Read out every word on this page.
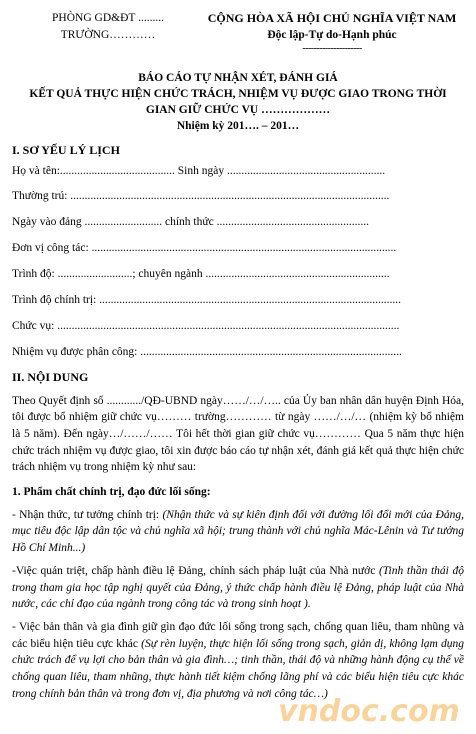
PHÒNG GD&ĐT .........
TRƯỜNG…………
CỘNG HÒA XÃ HỘI CHỦ NGHĨA VIỆT NAM
Độc lập-Tự do-Hạnh phúc
---------------------
BÁO CÁO TỰ NHẬN XÉT, ĐÁNH GIÁ
KẾT QUẢ THỰC HIỆN CHỨC TRÁCH, NHIỆM VỤ ĐƯỢC GIAO TRONG THỜI
GIAN GIỮ CHỨC VỤ ………………
Nhiệm kỳ 201…. – 201…
I. SƠ YẾU LÝ LỊCH
Họ và tên:........................................ Sinh ngày .......................................................
Thường trú: ...............................................................................................................
Ngày vào đảng ........................... chính thức .....................................................
Đơn vị công tác: ..........................................................................................................
Trình độ: ..........................; chuyên ngành ................................................................
Trình độ chính trị: .........................................................................................................
Chức vụ: .......................................................................................................................
Nhiệm vụ được phân công: ...........................................................................................
II. NỘI DUNG

Theo Quyết định số ............/QĐ-UBND ngày……/…/….. của Ủy ban nhân dân huyện Định Hóa, tôi được bổ nhiệm giữ chức vụ……… trường………… từ ngày ……/…/… (nhiệm kỳ bổ nhiệm là 5 năm). Đến ngày…/……/…… Tôi hết thời gian giữ chức vụ………… Qua 5 năm thực hiện chức trách nhiệm vụ được giao, tôi xin được báo cáo tự nhận xét, đánh giá kết quả thực hiện chức trách nhiệm vụ trong nhiệm kỳ như sau:

1. Phẩm chất chính trị, đạo đức lối sống:

- Nhận thức, tư tưởng chính trị: (Nhận thức và sự kiên định đối với đường lối đổi mới của Đảng, mục tiêu độc lập dân tộc và chủ nghĩa xã hội; trung thành với chủ nghĩa Mác-Lênin và Tư tưởng Hồ Chí Minh...)

-Việc quán triệt, chấp hành điều lệ Đảng, chính sách pháp luật của Nhà nước (Tinh thần thái độ trong tham gia học tập nghị quyết của Đảng, ý thức chấp hành điều lệ Đảng, pháp luật của Nhà nước, các chỉ đạo của ngành trong công tác và trong sinh hoạt ).

- Việc bản thân và gia đình giữ gìn đạo đức lối sống trong sạch, chống quan liêu, tham nhũng và các biểu hiện tiêu cực khác (Sự rèn luyện, thực hiện lối sống trong sạch, giản dị, không lạm dụng chức trách để vụ lợi cho bản thân và gia đình…; tinh thần, thái độ và những hành động cụ thể về chống quan liêu, tham nhũng, thực hành tiết kiệm chống lãng phí và các biểu hiện tiêu cực khác trong chính bản thân và trong đơn vị, địa phương và nơi công tác…)

vndoc.com
